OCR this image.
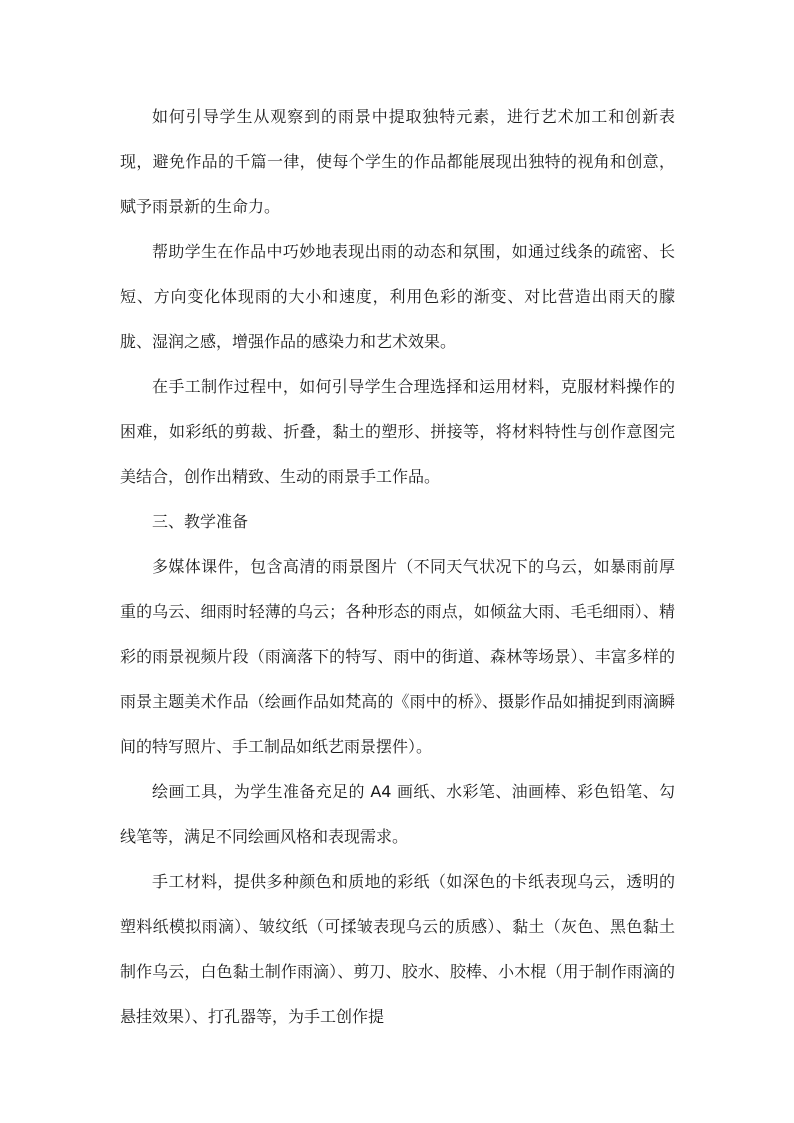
如何引导学生从观察到的雨景中提取独特元素，进行艺术加工和创新表现，避免作品的千篇一律，使每个学生的作品都能展现出独特的视角和创意，赋予雨景新的生命力。

帮助学生在作品中巧妙地表现出雨的动态和氛围，如通过线条的疏密、长短、方向变化体现雨的大小和速度，利用色彩的渐变、对比营造出雨天的朦胧、湿润之感，增强作品的感染力和艺术效果。

在手工制作过程中，如何引导学生合理选择和运用材料，克服材料操作的困难，如彩纸的剪裁、折叠，黏土的塑形、拼接等，将材料特性与创作意图完美结合，创作出精致、生动的雨景手工作品。

三、教学准备

多媒体课件，包含高清的雨景图片（不同天气状况下的乌云，如暴雨前厚重的乌云、细雨时轻薄的乌云；各种形态的雨点，如倾盆大雨、毛毛细雨）、精彩的雨景视频片段（雨滴落下的特写、雨中的街道、森林等场景）、丰富多样的雨景主题美术作品（绘画作品如梵高的《雨中的桥》、摄影作品如捕捉到雨滴瞬间的特写照片、手工制品如纸艺雨景摆件）。

绘画工具，为学生准备充足的 A4 画纸、水彩笔、油画棒、彩色铅笔、勾线笔等，满足不同绘画风格和表现需求。

手工材料，提供多种颜色和质地的彩纸（如深色的卡纸表现乌云，透明的塑料纸模拟雨滴）、皱纹纸（可揉皱表现乌云的质感）、黏土（灰色、黑色黏土制作乌云，白色黏土制作雨滴）、剪刀、胶水、胶棒、小木棍（用于制作雨滴的悬挂效果）、打孔器等，为手工创作提
